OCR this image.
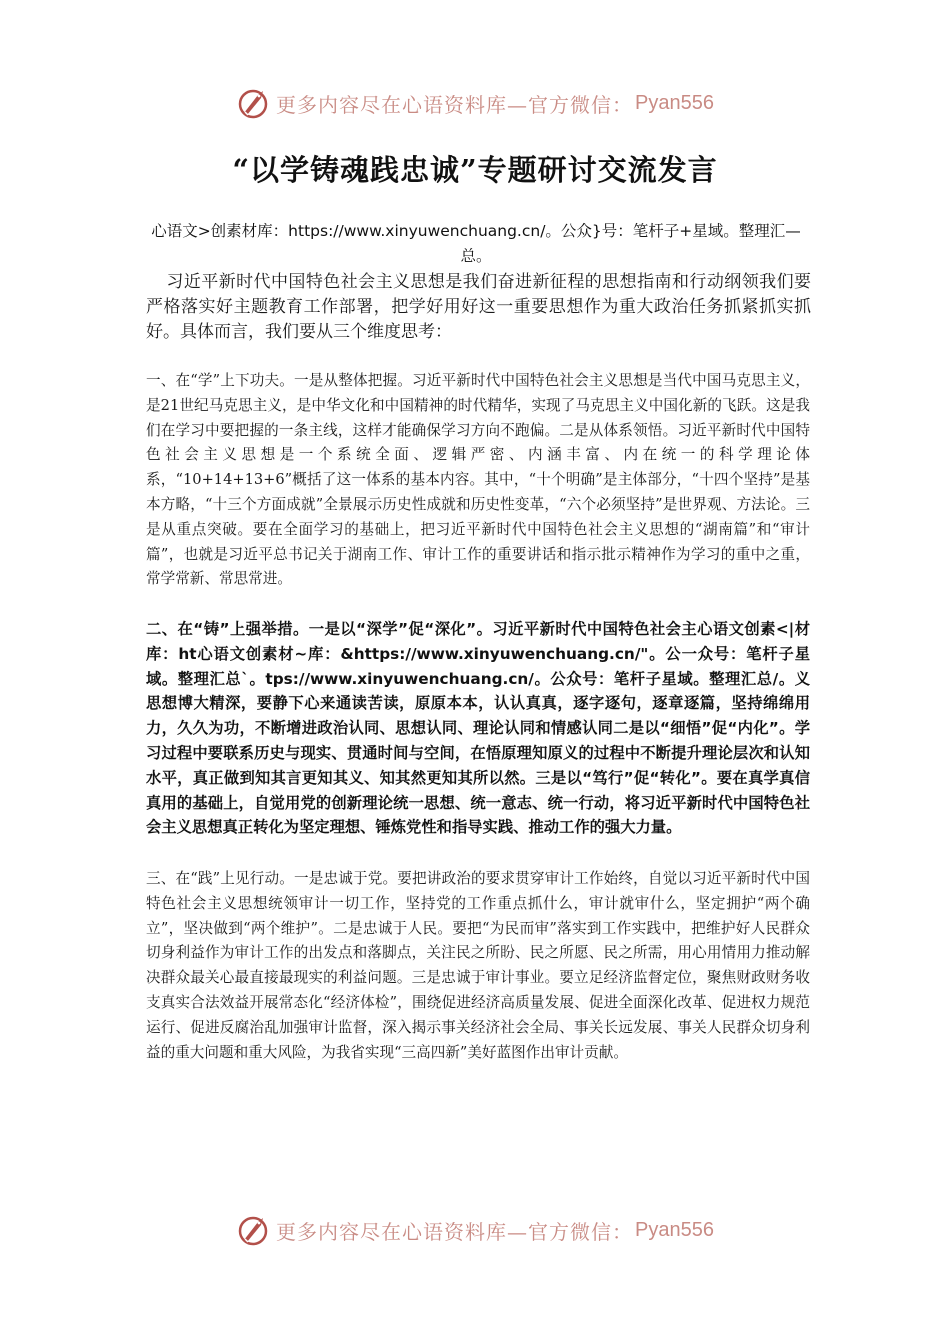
更多内容尽在心语资料库—官方微信： Pyan556
“以学铸魂践忠诚”专题研讨交流发言
心语文>创素材库：https://www.xinyuwenchuang.cn/。公众}号：笔杆子+星域。整理汇—总。
习近平新时代中国特色社会主义思想是我们奋进新征程的思想指南和行动纲领我们要严格落实好主题教育工作部署，把学好用好这一重要思想作为重大政治任务抓紧抓实抓好。具体而言，我们要从三个维度思考：
一、在“学”上下功夫。一是从整体把握。习近平新时代中国特色社会主义思想是当代中国马克思主义，是21世纪马克思主义，是中华文化和中国精神的时代精华，实现了马克思主义中国化新的飞跃。这是我们在学习中要把握的一条主线，这样才能确保学习方向不跑偏。二是从体系领悟。习近平新时代中国特色社会主义思想是一个系统全面、逻辑严密、内涵丰富、内在统一的科学理论体系，“10+14+13+6”概括了这一体系的基本内容。其中，“十个明确”是主体部分，“十四个坚持”是基本方略，“十三个方面成就”全景展示历史性成就和历史性变革，“六个必须坚持”是世界观、方法论。三是从重点突破。要在全面学习的基础上，把习近平新时代中国特色社会主义思想的“湖南篇”和“审计篇”，也就是习近平总书记关于湖南工作、审计工作的重要讲话和指示批示精神作为学习的重中之重，常学常新、常思常进。
二、在“铸”上强举措。一是以“深学”促“深化”。习近平新时代中国特色社会主心语文创素<|材库：ht心语文创素材~库：&https://www.xinyuwenchuang.cn/"。公一众号：笔杆子星域。整理汇总`。tps://www.xinyuwenchuang.cn/。公众号：笔杆子星域。整理汇总/。义思想博大精深，要静下心来通读苦读，原原本本，认认真真，逐字逐句，逐章逐篇，坚持绵绵用力，久久为功，不断增进政治认同、思想认同、理论认同和情感认同二是以“细悟”促“内化”。学习过程中要联系历史与现实、贯通时间与空间，在悟原理知原义的过程中不断提升理论层次和认知水平，真正做到知其言更知其义、知其然更知其所以然。三是以“笃行”促“转化”。要在真学真信真用的基础上，自觉用党的创新理论统一思想、统一意志、统一行动，将习近平新时代中国特色社会主义思想真正转化为坚定理想、锤炼党性和指导实践、推动工作的强大力量。
三、在“践”上见行动。一是忠诚于党。要把讲政治的要求贯穿审计工作始终，自觉以习近平新时代中国特色社会主义思想统领审计一切工作，坚持党的工作重点抓什么，审计就审什么，坚定拥护“两个确立”，坚决做到“两个维护”。二是忠诚于人民。要把“为民而审”落实到工作实践中，把维护好人民群众切身利益作为审计工作的出发点和落脚点，关注民之所盼、民之所愿、民之所需，用心用情用力推动解决群众最关心最直接最现实的利益问题。三是忠诚于审计事业。要立足经济监督定位，聚焦财政财务收支真实合法效益开展常态化“经济体检”，围绕促进经济高质量发展、促进全面深化改革、促进权力规范运行、促进反腐治乱加强审计监督，深入揭示事关经济社会全局、事关长远发展、事关人民群众切身利益的重大问题和重大风险，为我省实现“三高四新”美好蓝图作出审计贡献。
更多内容尽在心语资料库—官方微信： Pyan556
